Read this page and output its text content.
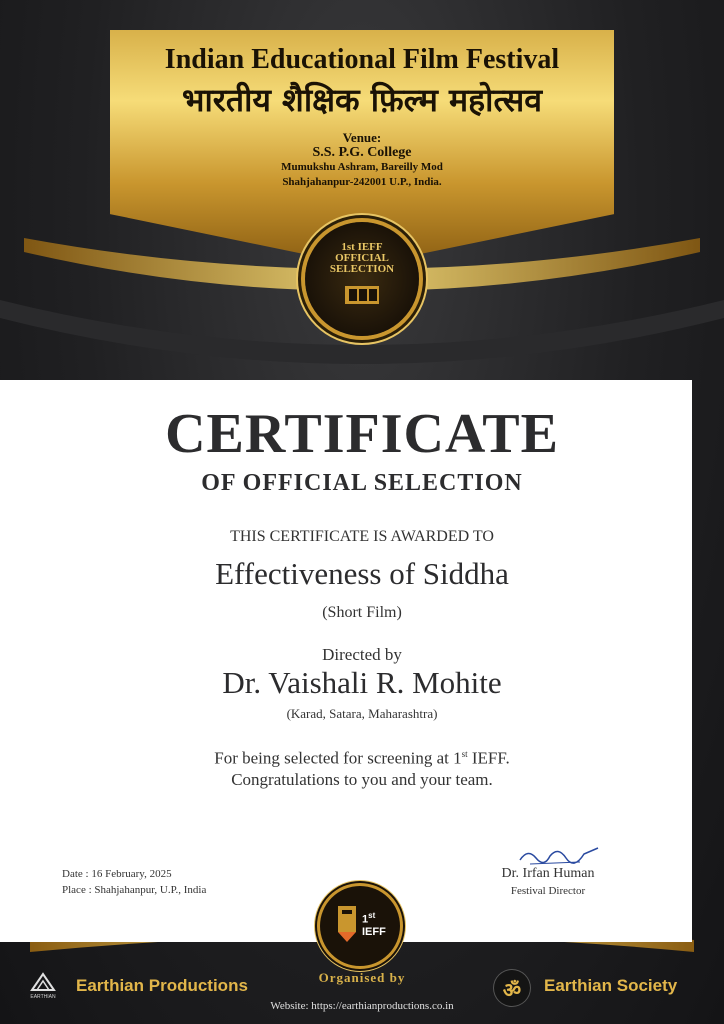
Indian Educational Film Festival
भारतीय शैक्षिक फ़िल्म महोत्सव
Venue:
S.S. P.G. College
Mumukshu Ashram, Bareilly Mod
Shahjahanpur-242001 U.P., India.
1st IEFF
OFFICIAL
SELECTION
CERTIFICATE
OF OFFICIAL SELECTION
THIS CERTIFICATE IS AWARDED TO
Effectiveness of Siddha
(Short Film)
Directed by
Dr. Vaishali R. Mohite
(Karad, Satara, Maharashtra)
For being selected for screening at 1st IEFF.
Congratulations to you and your team.
Date : 16 February, 2025
Place : Shahjahanpur, U.P., India
Dr. Irfan Human
Festival Director
1st
IEFF
Organised by
EARTHIAN
Earthian Productions	ॐ	Earthian Society
Website: https://earthianproductions.co.in
